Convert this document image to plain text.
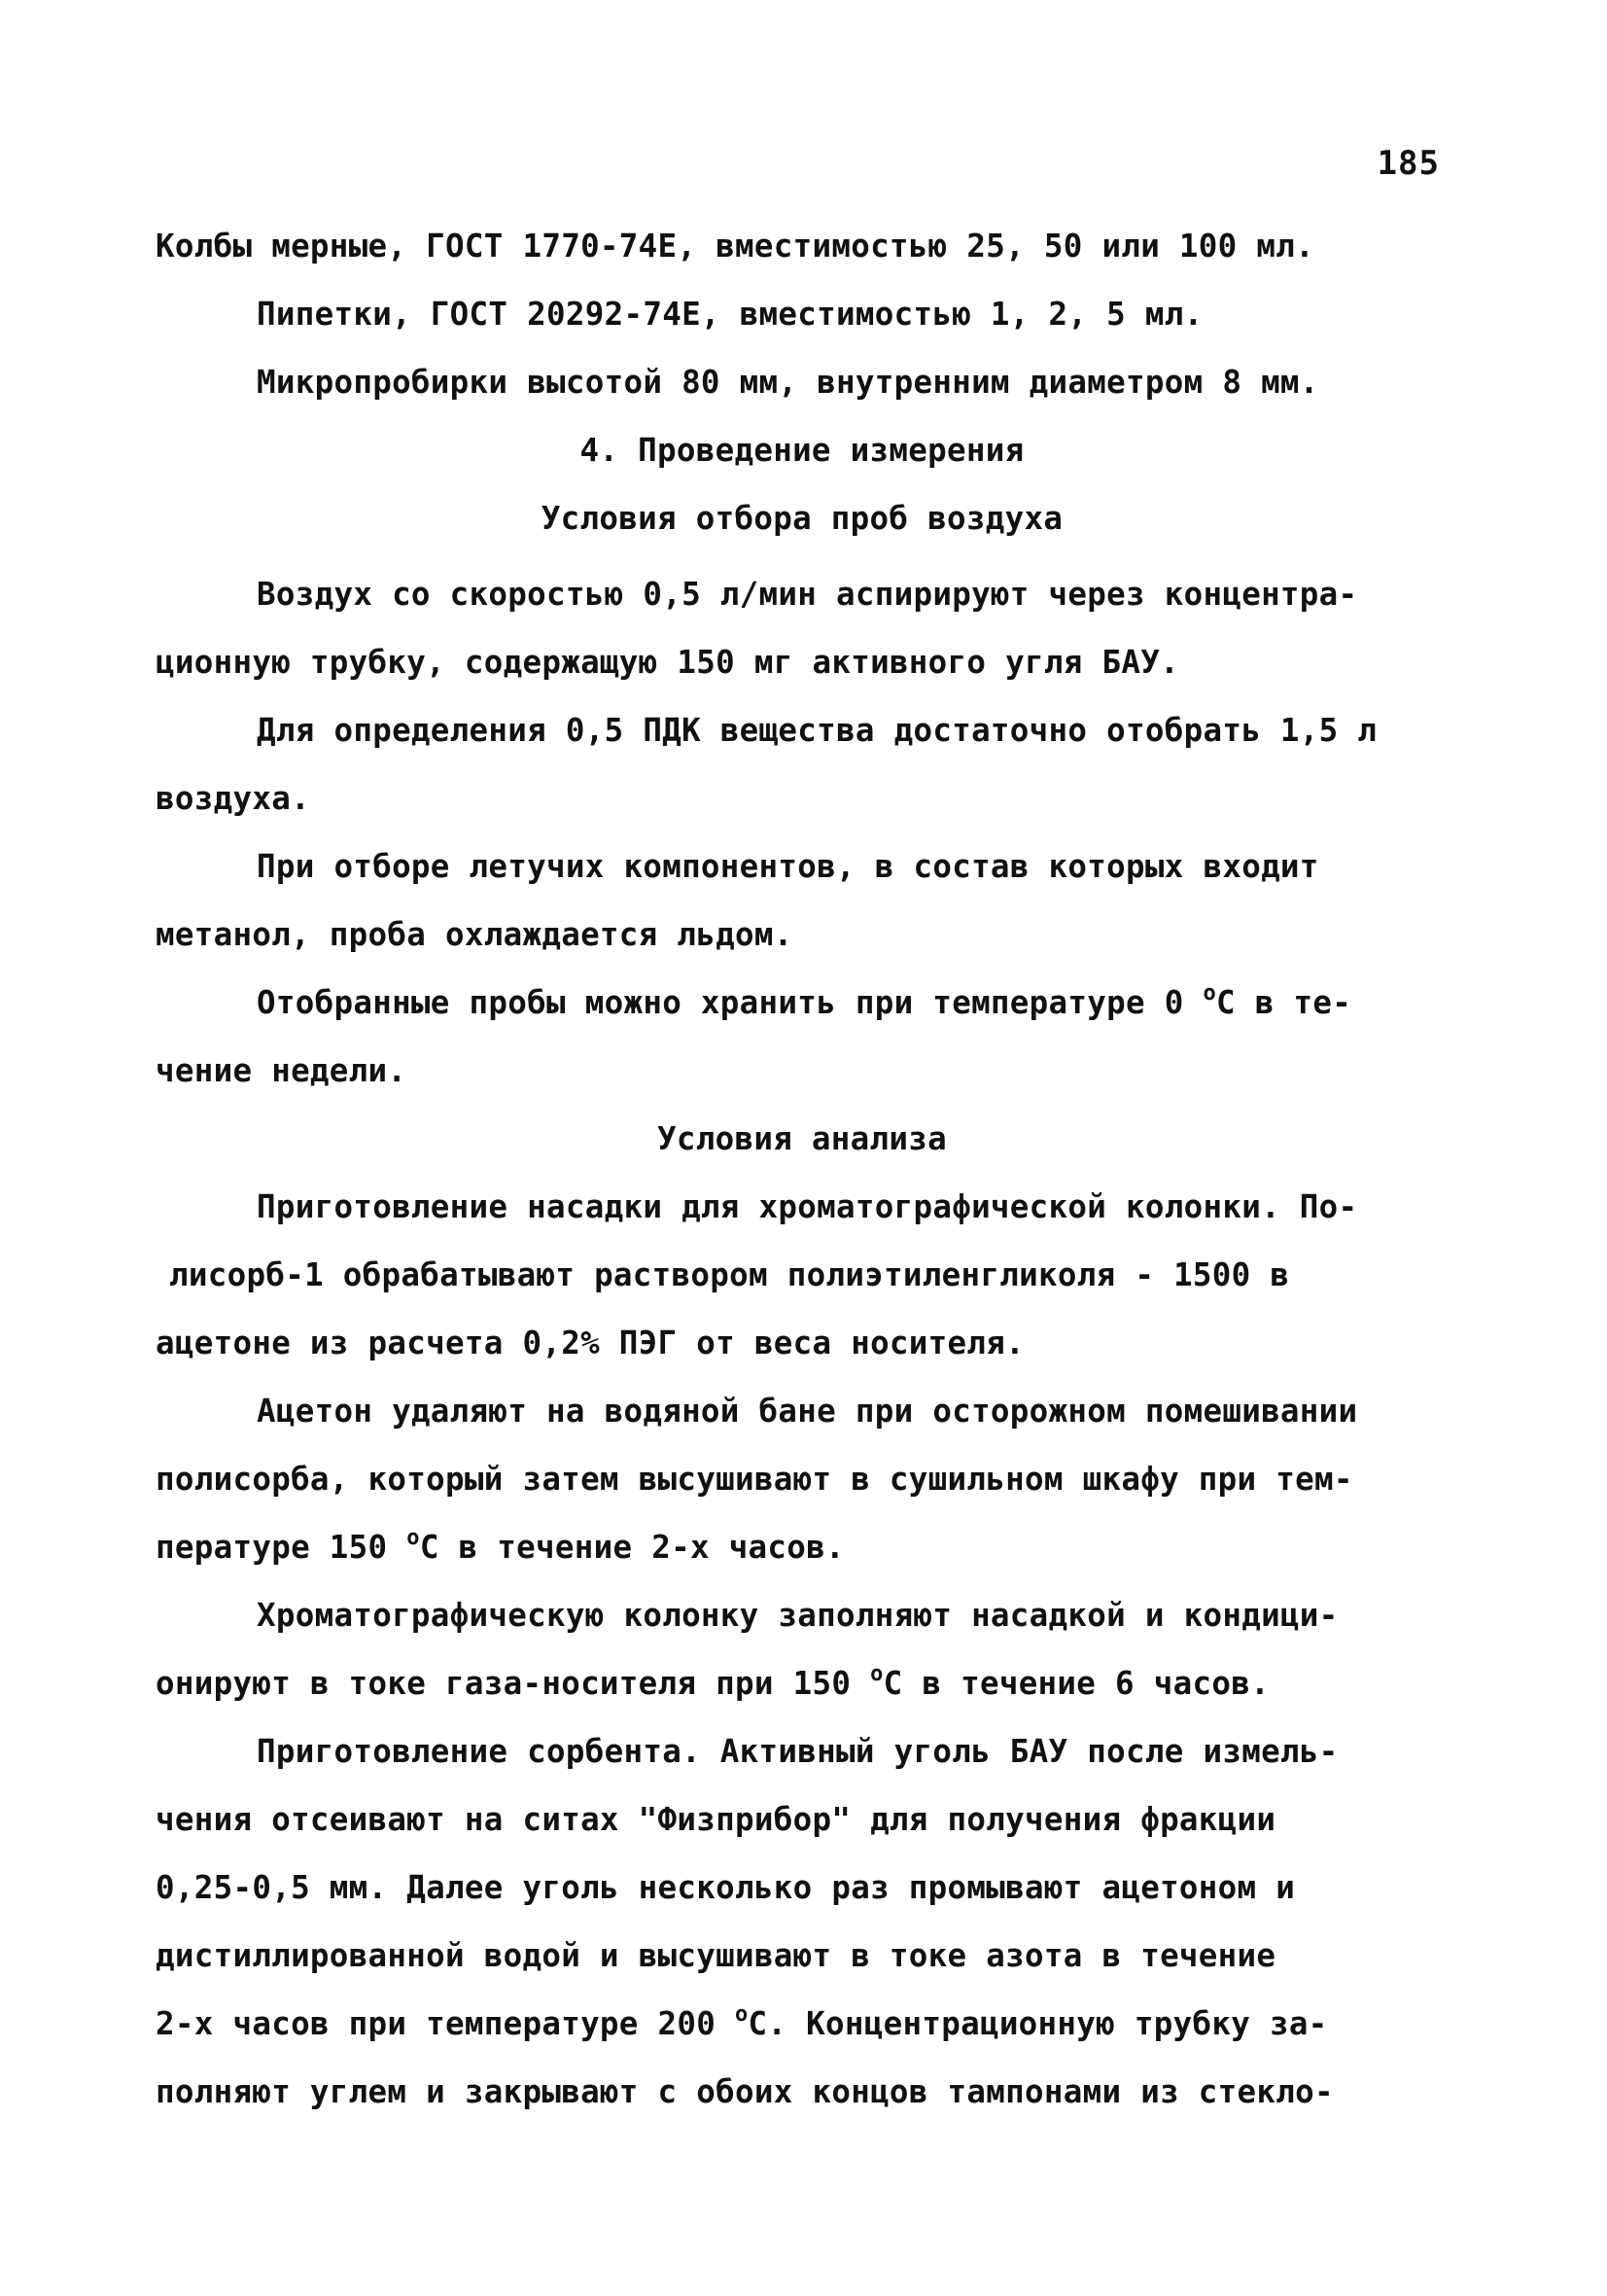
185
Колбы мерные, ГОСТ 1770-74Е, вместимостью 25, 50 или 100 мл.
Пипетки, ГОСТ 20292-74Е, вместимостью 1, 2, 5 мл.
Микропробирки высотой 80 мм, внутренним диаметром 8 мм.
4. Проведение измерения
Условия отбора проб воздуха
Воздух со скоростью 0,5 л/мин аспирируют через концентра-
ционную трубку, содержащую 150 мг активного угля БАУ.
Для определения 0,5 ПДК вещества достаточно отобрать 1,5 л
воздуха.
При отборе летучих компонентов, в состав которых входит
метанол, проба охлаждается льдом.
Отобранные пробы можно хранить при температуре 0 $^о$С в те-
чение недели.
Условия анализа
Приготовление насадки для хроматографической колонки. По-
лисорб-1 обрабатывают раствором полиэтиленгликоля - 1500 в
ацетоне из расчета 0,2% ПЭГ от веса носителя.
Ацетон удаляют на водяной бане при осторожном помешивании
полисорба, который затем высушивают в сушильном шкафу при тем-
пературе 150 $^о$С в течение 2-х часов.
Хроматографическую колонку заполняют насадкой и кондици-
онируют в токе газа-носителя при 150 $^о$С в течение 6 часов.
Приготовление сорбента. Активный уголь БАУ после измель-
чения отсеивают на ситах "Физприбор" для получения фракции
0,25-0,5 мм. Далее уголь несколько раз промывают ацетоном и
дистиллированной водой и высушивают в токе азота в течение
2-х часов при температуре 200 $^о$С. Концентрационную трубку за-
полняют углем и закрывают с обоих концов тампонами из стекло-
